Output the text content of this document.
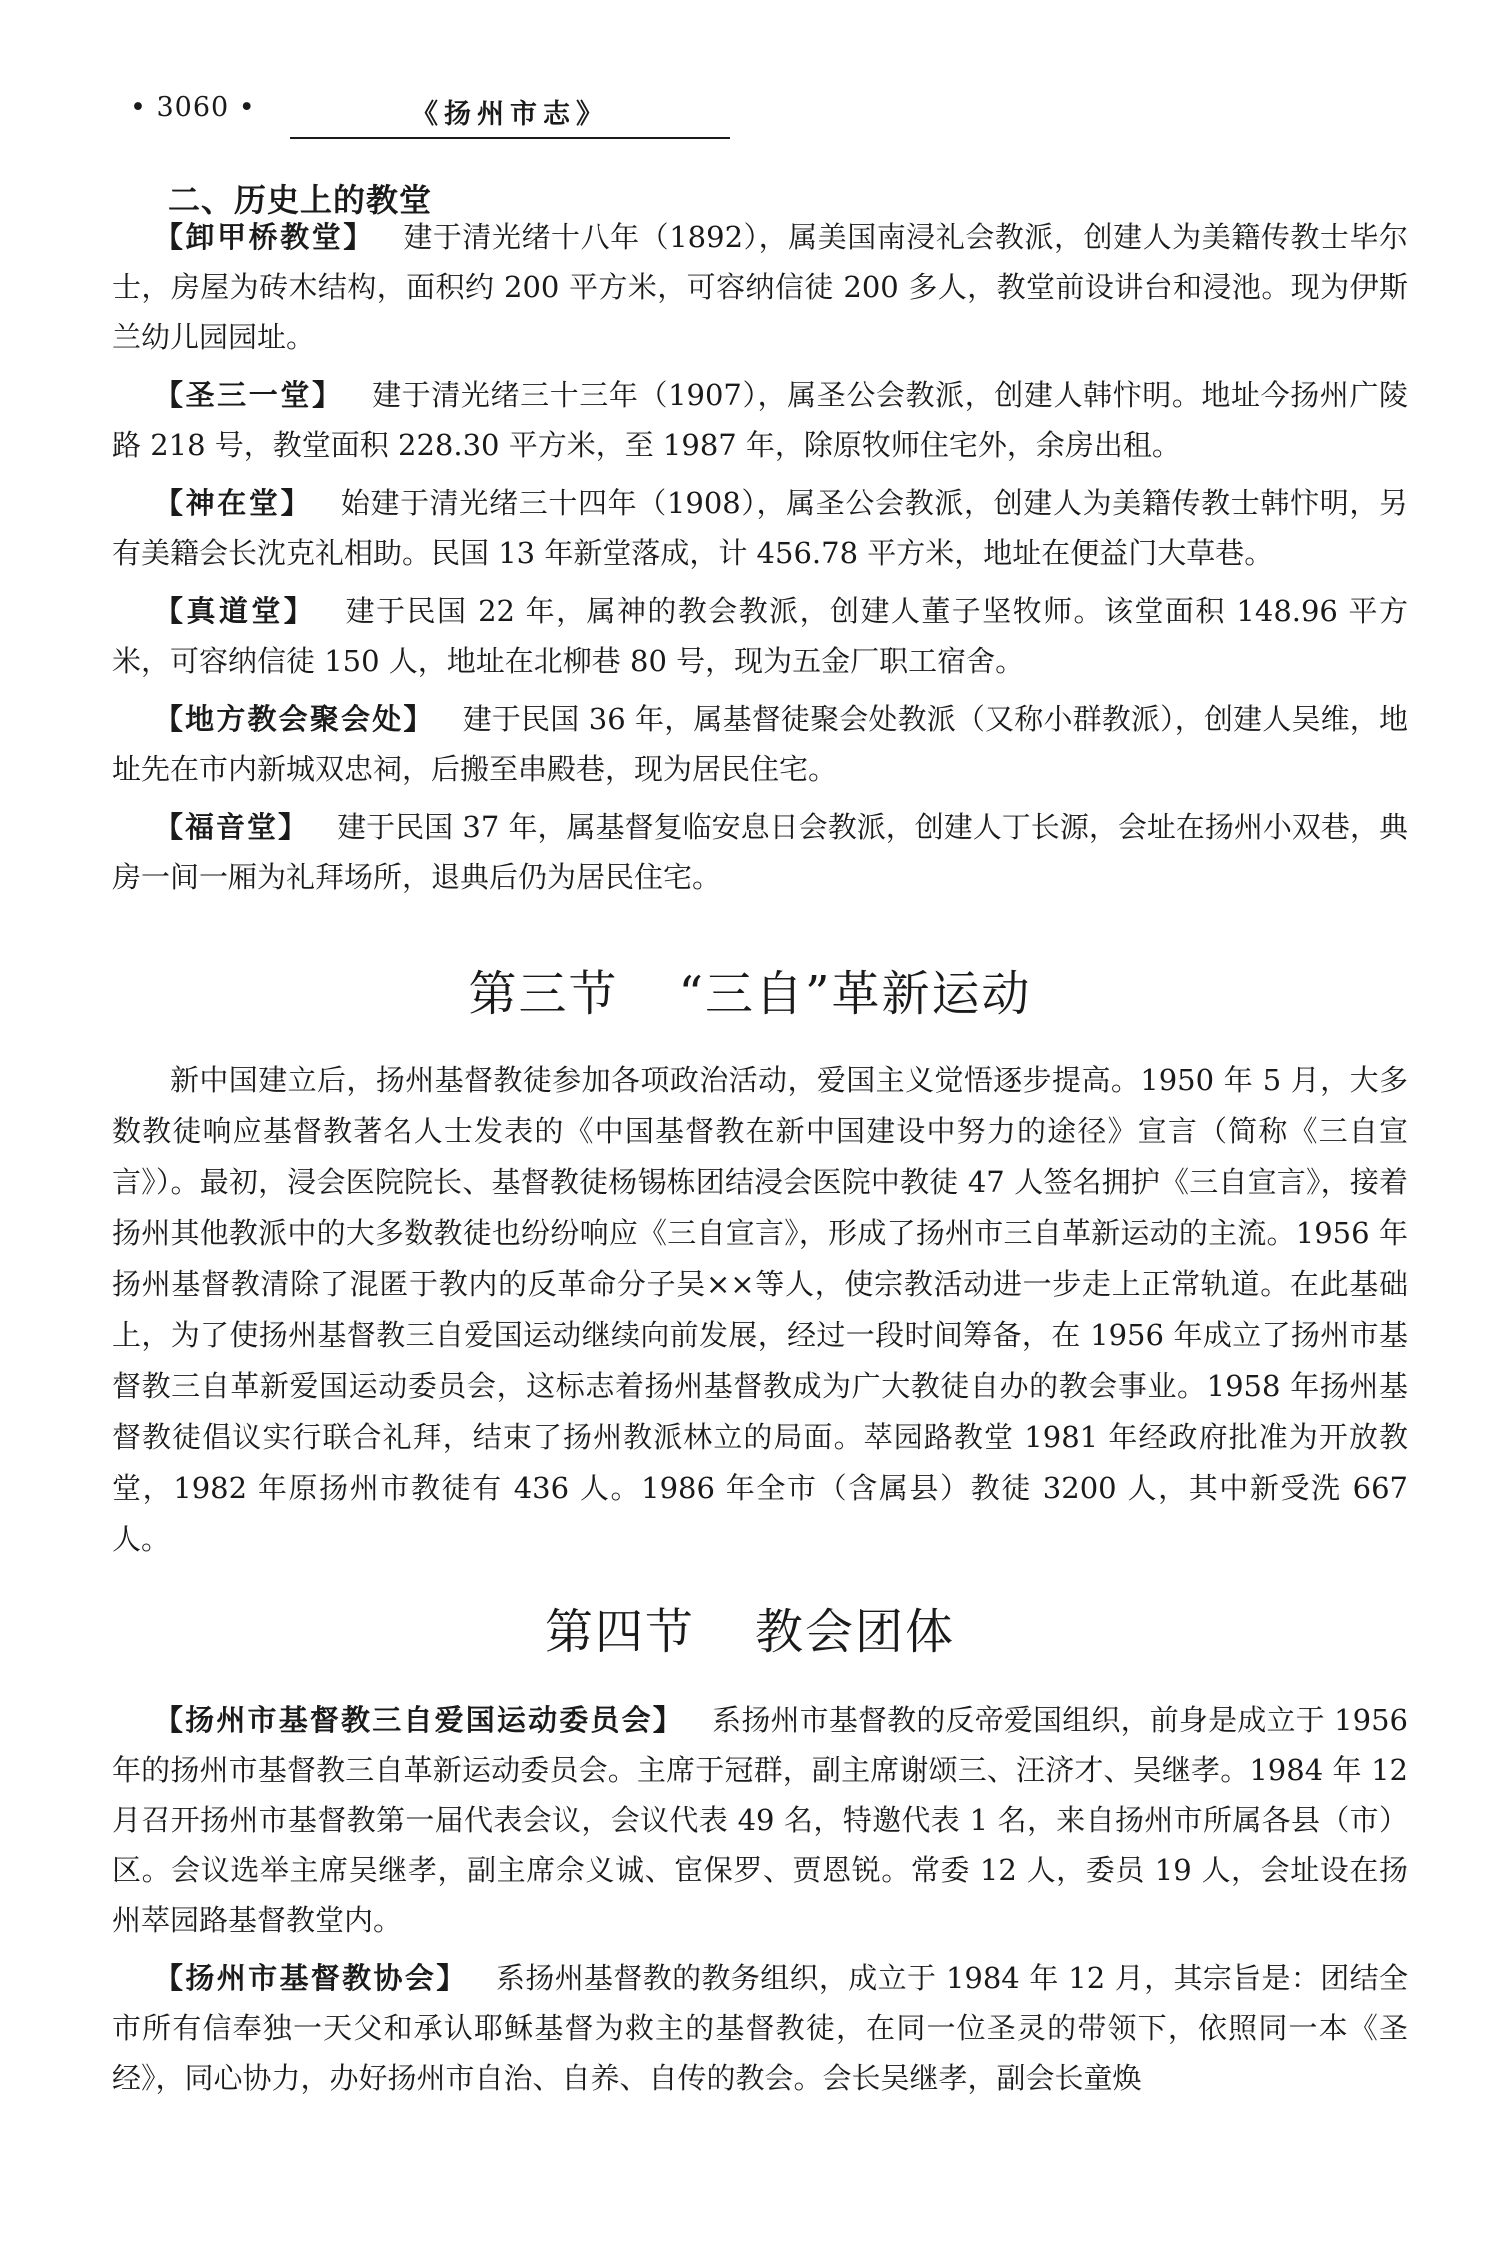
• 3060 •	《扬州市志》
二、历史上的教堂

【卸甲桥教堂】 建于清光绪十八年（1892），属美国南浸礼会教派，创建人为美籍传教士毕尔士，房屋为砖木结构，面积约 200 平方米，可容纳信徒 200 多人，教堂前设讲台和浸池。现为伊斯兰幼儿园园址。

【圣三一堂】 建于清光绪三十三年（1907），属圣公会教派，创建人韩忭明。地址今扬州广陵路 218 号，教堂面积 228.30 平方米，至 1987 年，除原牧师住宅外，余房出租。

【神在堂】 始建于清光绪三十四年（1908），属圣公会教派，创建人为美籍传教士韩忭明，另有美籍会长沈克礼相助。民国 13 年新堂落成，计 456.78 平方米，地址在便益门大草巷。

【真道堂】 建于民国 22 年，属神的教会教派，创建人董子坚牧师。该堂面积 148.96 平方米，可容纳信徒 150 人，地址在北柳巷 80 号，现为五金厂职工宿舍。

【地方教会聚会处】 建于民国 36 年，属基督徒聚会处教派（又称小群教派），创建人吴维，地址先在市内新城双忠祠，后搬至串殿巷，现为居民住宅。

【福音堂】 建于民国 37 年，属基督复临安息日会教派，创建人丁长源，会址在扬州小双巷，典房一间一厢为礼拜场所，退典后仍为居民住宅。

第三节 “三自”革新运动

新中国建立后，扬州基督教徒参加各项政治活动，爱国主义觉悟逐步提高。1950 年 5 月，大多数教徒响应基督教著名人士发表的《中国基督教在新中国建设中努力的途径》宣言（简称《三自宣言》）。最初，浸会医院院长、基督教徒杨锡栋团结浸会医院中教徒 47 人签名拥护《三自宣言》，接着扬州其他教派中的大多数教徒也纷纷响应《三自宣言》，形成了扬州市三自革新运动的主流。1956 年扬州基督教清除了混匿于教内的反革命分子吴××等人，使宗教活动进一步走上正常轨道。在此基础上，为了使扬州基督教三自爱国运动继续向前发展，经过一段时间筹备，在 1956 年成立了扬州市基督教三自革新爱国运动委员会，这标志着扬州基督教成为广大教徒自办的教会事业。1958 年扬州基督教徒倡议实行联合礼拜，结束了扬州教派林立的局面。萃园路教堂 1981 年经政府批准为开放教堂，1982 年原扬州市教徒有 436 人。1986 年全市（含属县）教徒 3200 人，其中新受洗 667 人。

第四节 教会团体

【扬州市基督教三自爱国运动委员会】 系扬州市基督教的反帝爱国组织，前身是成立于 1956 年的扬州市基督教三自革新运动委员会。主席于冠群，副主席谢颂三、汪济才、吴继孝。1984 年 12 月召开扬州市基督教第一届代表会议，会议代表 49 名，特邀代表 1 名，来自扬州市所属各县（市）区。会议选举主席吴继孝，副主席佘义诚、宦保罗、贾恩锐。常委 12 人，委员 19 人，会址设在扬州萃园路基督教堂内。

【扬州市基督教协会】 系扬州基督教的教务组织，成立于 1984 年 12 月，其宗旨是：团结全市所有信奉独一天父和承认耶稣基督为救主的基督教徒，在同一位圣灵的带领下，依照同一本《圣经》，同心协力，办好扬州市自治、自养、自传的教会。会长吴继孝，副会长童焕
